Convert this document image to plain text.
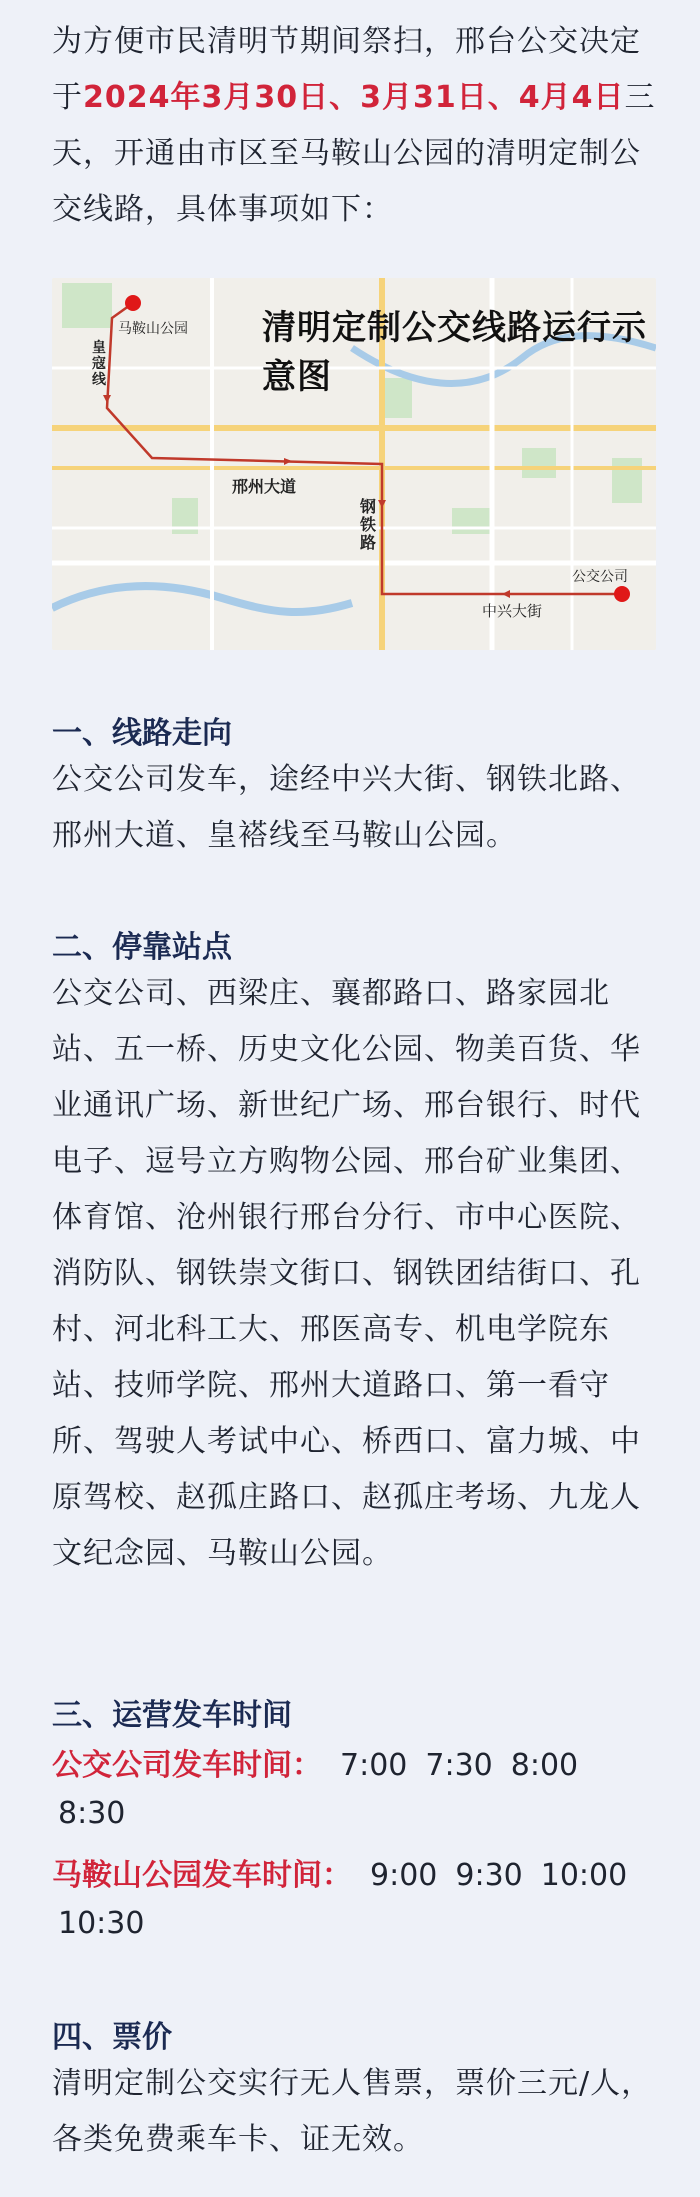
为方便市民清明节期间祭扫，邢台公交决定于2024年3月30日、3月31日、4月4日三天，开通由市区至马鞍山公园的清明定制公交线路，具体事项如下：
清明定制公交线路运行示意图
马鞍山公园
皇
寇
线
邢州大道
钢
铁
路
中兴大街
公交公司
一、线路走向
公交公司发车，途经中兴大街、钢铁北路、邢州大道、皇褡线至马鞍山公园。
二、停靠站点
公交公司、西梁庄、襄都路口、路家园北站、五一桥、历史文化公园、物美百货、华业通讯广场、新世纪广场、邢台银行、时代电子、逗号立方购物公园、邢台矿业集团、体育馆、沧州银行邢台分行、市中心医院、消防队、钢铁崇文街口、钢铁团结街口、孔村、河北科工大、邢医高专、机电学院东站、技师学院、邢州大道路口、第一看守所、驾驶人考试中心、桥西口、富力城、中原驾校、赵孤庄路口、赵孤庄考场、九龙人文纪念园、马鞍山公园。
三、运营发车时间
公交公司发车时间： 7:00 7:30 8:00
8:30
马鞍山公园发车时间： 9:00 9:30 10:00
10:30
四、票价
清明定制公交实行无人售票，票价三元/人，各类免费乘车卡、证无效。
